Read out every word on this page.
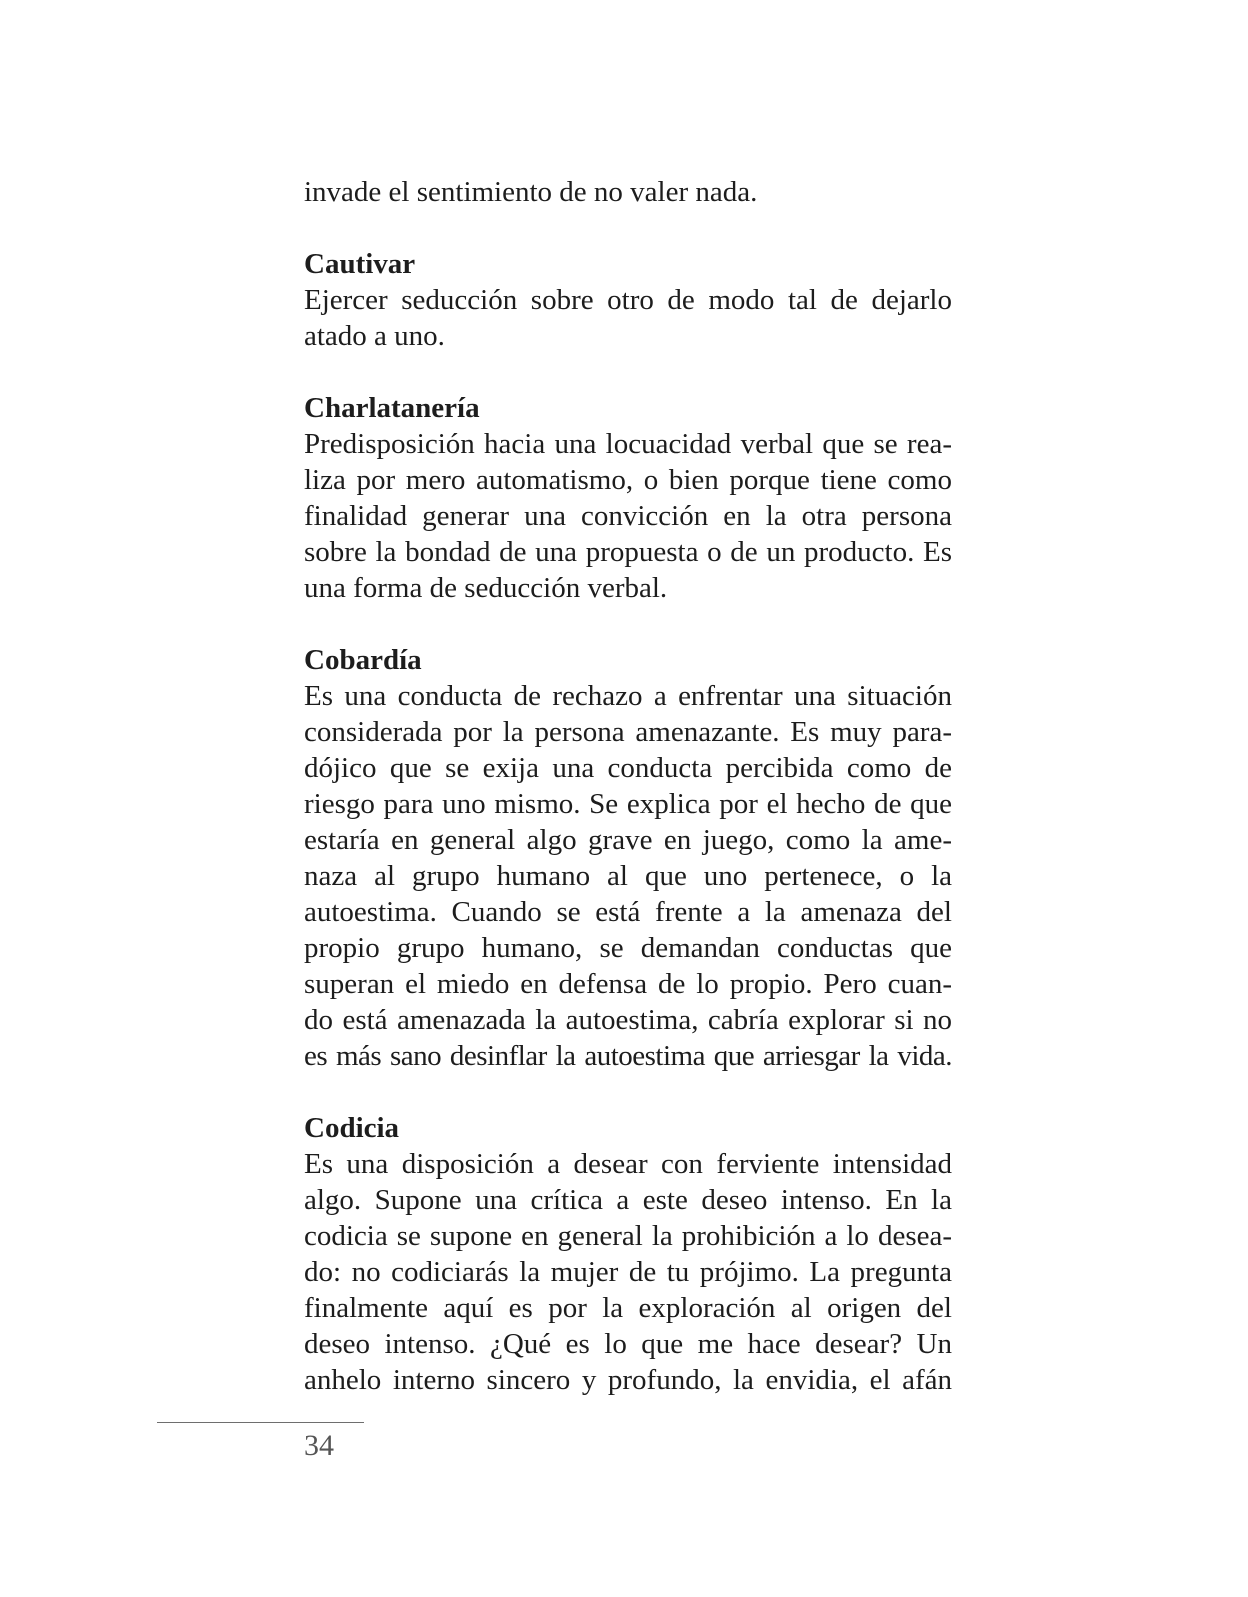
invade el sentimiento de no valer nada.
Cautivar
Ejercer seducción sobre otro de modo tal de dejarlo
atado a uno.
Charlatanería
Predisposición hacia una locuacidad verbal que se rea-
liza por mero automatismo, o bien porque tiene como
finalidad generar una convicción en la otra persona
sobre la bondad de una propuesta o de un producto. Es
una forma de seducción verbal.
Cobardía
Es una conducta de rechazo a enfrentar una situación
considerada por la persona amenazante. Es muy para-
dójico que se exija una conducta percibida como de
riesgo para uno mismo. Se explica por el hecho de que
estaría en general algo grave en juego, como la ame-
naza al grupo humano al que uno pertenece, o la
autoestima. Cuando se está frente a la amenaza del
propio grupo humano, se demandan conductas que
superan el miedo en defensa de lo propio. Pero cuan-
do está amenazada la autoestima, cabría explorar si no
es más sano desinflar la autoestima que arriesgar la vida.
Codicia
Es una disposición a desear con ferviente intensidad
algo. Supone una crítica a este deseo intenso. En la
codicia se supone en general la prohibición a lo desea-
do: no codiciarás la mujer de tu prójimo. La pregunta
finalmente aquí es por la exploración al origen del
deseo intenso. ¿Qué es lo que me hace desear? Un
anhelo interno sincero y profundo, la envidia, el afán
34
